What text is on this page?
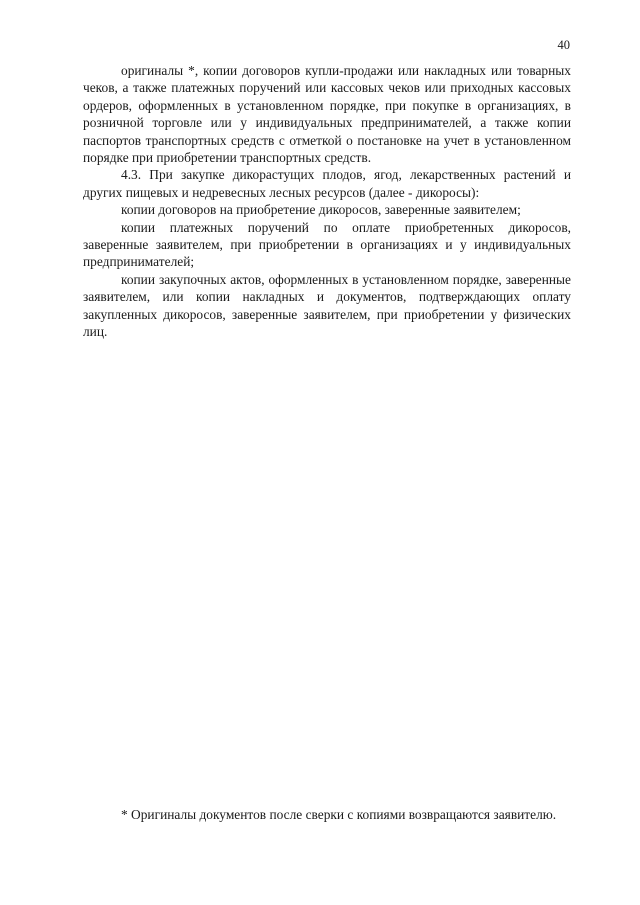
40

оригиналы *, копии договоров купли-продажи или накладных или товарных чеков, а также платежных поручений или кассовых чеков или приходных кассовых ордеров, оформленных в установленном порядке, при покупке в организациях, в розничной торговле или у индивидуальных предпринимателей, а также копии паспортов транспортных средств с отметкой о постановке на учет в установленном порядке при приобретении транспортных средств.

4.3. При закупке дикорастущих плодов, ягод, лекарственных растений и других пищевых и недревесных лесных ресурсов (далее - дикоросы):

копии договоров на приобретение дикоросов, заверенные заявителем;

копии платежных поручений по оплате приобретенных дикоросов, заверенные заявителем, при приобретении в организациях и у индивидуальных предпринимателей;

копии закупочных актов, оформленных в установленном порядке, заверенные заявителем, или копии накладных и документов, подтверждающих оплату закупленных дикоросов, заверенные заявителем, при приобретении у физических лиц.

* Оригиналы документов после сверки с копиями возвращаются заявителю.
